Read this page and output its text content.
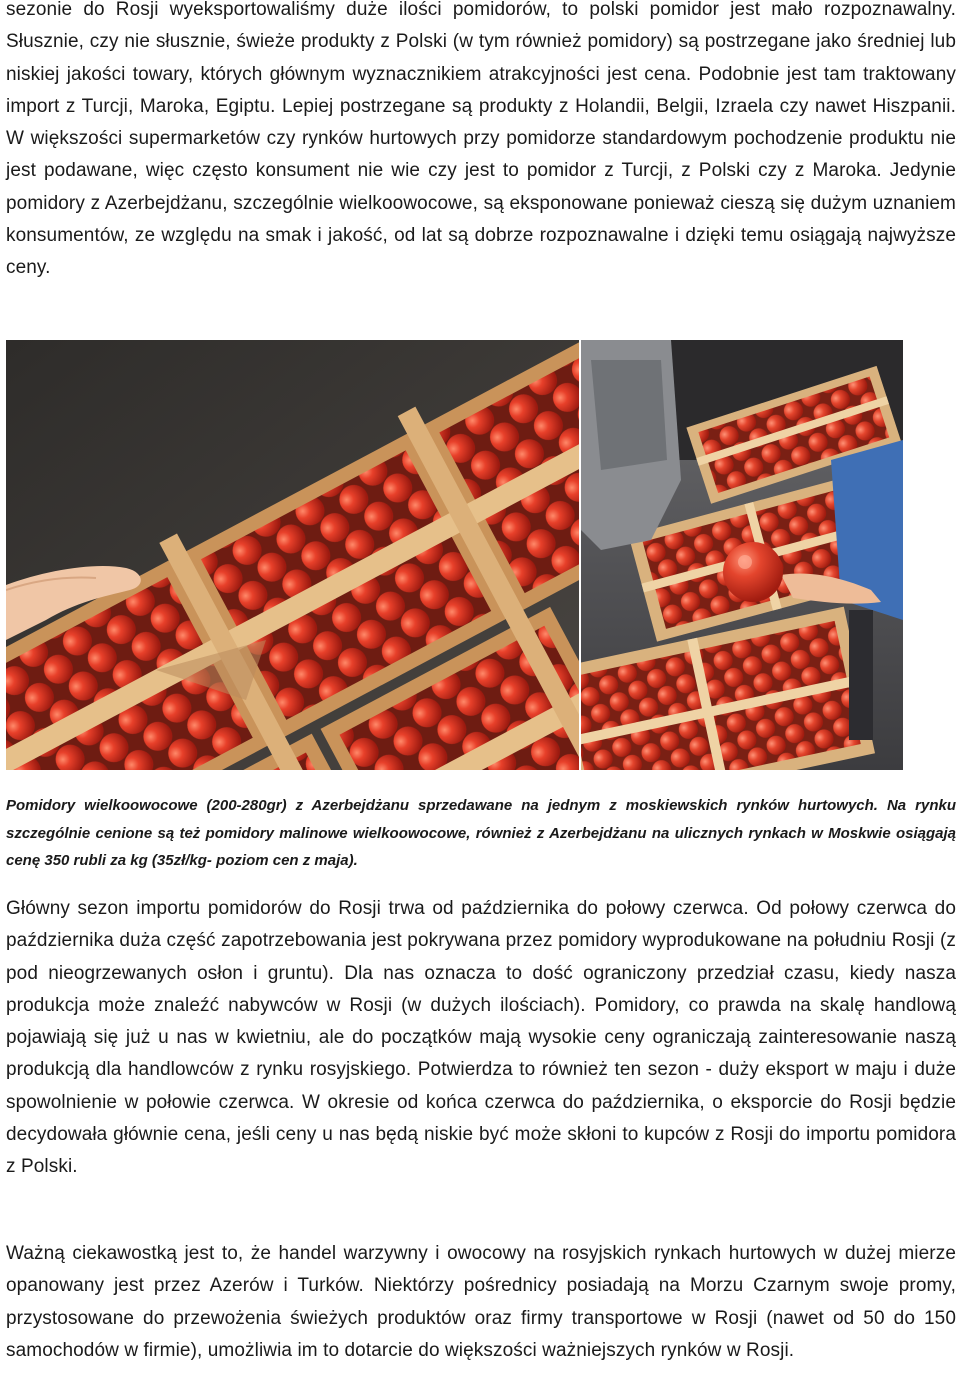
sezonie do Rosji wyeksportowaliśmy duże ilości pomidorów, to polski pomidor jest mało rozpoznawalny. Słusznie, czy nie słusznie, świeże produkty z Polski (w tym również pomidory) są postrzegane jako średniej lub niskiej jakości towary, których głównym wyznacznikiem atrakcyjności jest cena. Podobnie jest tam traktowany import z Turcji, Maroka, Egiptu. Lepiej postrzegane są produkty z Holandii, Belgii, Izraela czy nawet Hiszpanii. W większości supermarketów czy rynków hurtowych przy pomidorze standardowym pochodzenie produktu nie jest podawane, więc często konsument nie wie czy jest to pomidor z Turcji, z Polski czy z Maroka. Jedynie pomidory z Azerbejdżanu, szczególnie wielkoowocowe, są eksponowane ponieważ cieszą się dużym uznaniem konsumentów, ze względu na smak i jakość, od lat są dobrze rozpoznawalne i dzięki temu osiągają najwyższe ceny.

Pomidory wielkoowocowe (200-280gr) z Azerbejdżanu sprzedawane na jednym z moskiewskich rynków hurtowych. Na rynku szczególnie cenione są też pomidory malinowe wielkoowocowe, również z Azerbejdżanu na ulicznych rynkach w Moskwie osiągają cenę 350 rubli za kg (35zł/kg- poziom cen z maja).

Główny sezon importu pomidorów do Rosji trwa od października do połowy czerwca. Od połowy czerwca do października duża część zapotrzebowania jest pokrywana przez pomidory wyprodukowane na południu Rosji (z pod nieogrzewanych osłon i gruntu). Dla nas oznacza to dość ograniczony przedział czasu, kiedy nasza produkcja może znaleźć nabywców w Rosji (w dużych ilościach). Pomidory, co prawda na skalę handlową pojawiają się już u nas w kwietniu, ale do początków mają wysokie ceny ograniczają zainteresowanie naszą produkcją dla handlowców z rynku rosyjskiego. Potwierdza to również ten sezon - duży eksport w maju i duże spowolnienie w połowie czerwca. W okresie od końca czerwca do października, o eksporcie do Rosji będzie decydowała głównie cena, jeśli ceny u nas będą niskie być może skłoni to kupców z Rosji do importu pomidora z Polski.

Ważną ciekawostką jest to, że handel warzywny i owocowy na rosyjskich rynkach hurtowych w dużej mierze opanowany jest przez Azerów i Turków. Niektórzy pośrednicy posiadają na Morzu Czarnym swoje promy, przystosowane do przewożenia świeżych produktów oraz firmy transportowe w Rosji (nawet od 50 do 150 samochodów w firmie), umożliwia im to dotarcie do większości ważniejszych rynków w Rosji.
